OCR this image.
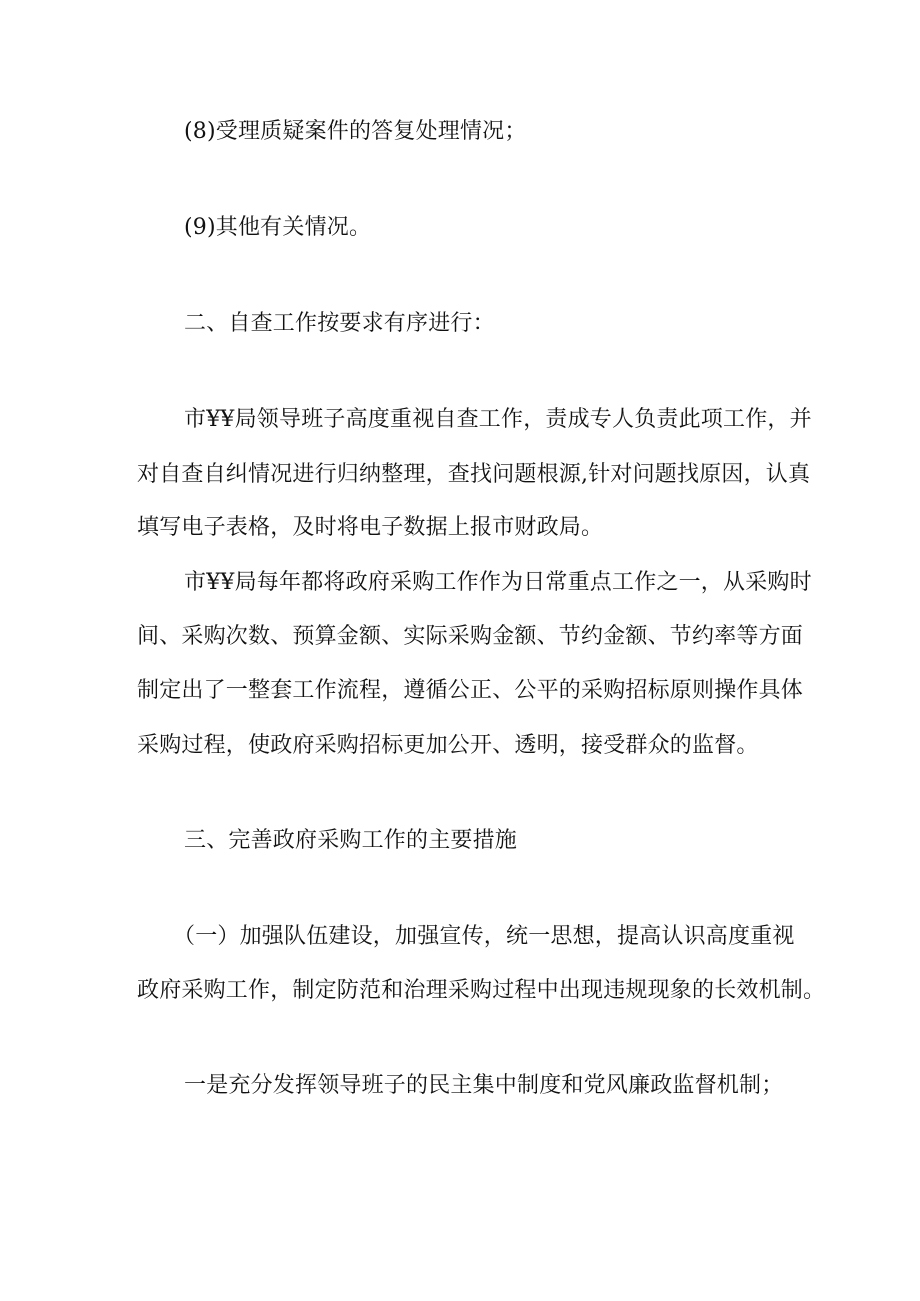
(8)受理质疑案件的答复处理情况；

(9)其他有关情况。

二、自查工作按要求有序进行：

市¥¥局领导班子高度重视自查工作，责成专人负责此项工作，并

对自查自纠情况进行归纳整理，查找问题根源,针对问题找原因，认真

填写电子表格，及时将电子数据上报市财政局。

市¥¥局每年都将政府采购工作作为日常重点工作之一，从采购时

间、采购次数、预算金额、实际采购金额、节约金额、节约率等方面

制定出了一整套工作流程，遵循公正、公平的采购招标原则操作具体

采购过程，使政府采购招标更加公开、透明，接受群众的监督。

三、完善政府采购工作的主要措施

（一）加强队伍建设，加强宣传，统一思想，提高认识高度重视

政府采购工作，制定防范和治理采购过程中出现违规现象的长效机制。

一是充分发挥领导班子的民主集中制度和党风廉政监督机制；
